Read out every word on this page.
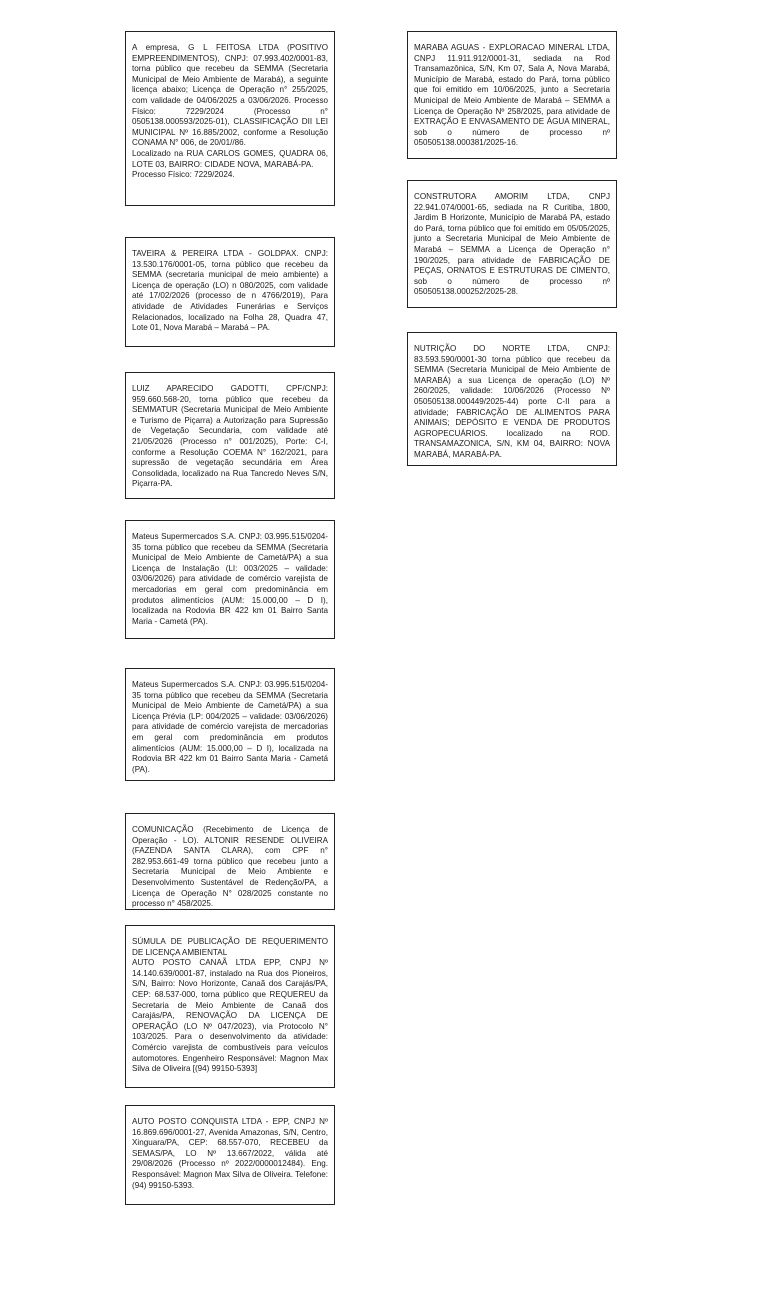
A empresa, G L FEITOSA LTDA (POSITIVO EMPREENDIMENTOS), CNPJ: 07.993.402/0001-83, torna público que recebeu da SEMMA (Secretaria Municipal de Meio Ambiente de Marabá), a seguinte licença abaixo; Licença de Operação n° 255/2025, com validade de 04/06/2025 a 03/06/2026. Processo Físico: 7229/2024 (Processo n° 0505138.000593/2025-01), CLASSIFICAÇÃO DII LEI MUNICIPAL Nº 16.885/2002, conforme a Resolução CONAMA N° 006, de 20/01//86.

Localizado na RUA CARLOS GOMES, QUADRA 06, LOTE 03, BAIRRO: CIDADE NOVA, MARABÁ-PA.

Processo Físico: 7229/2024.

TAVEIRA & PEREIRA LTDA - GOLDPAX. CNPJ: 13.530.176/0001-05, torna público que recebeu da SEMMA (secretaria municipal de meio ambiente) a Licença de operação (LO) n 080/2025, com validade até 17/02/2026 (processo de n 4766/2019), Para atividade de Atividades Funerárias e Serviços Relacionados, localizado na Folha 28, Quadra 47, Lote 01, Nova Marabá – Marabá – PA.

LUIZ APARECIDO GADOTTI, CPF/CNPJ: 959.660.568-20, torna público que recebeu da SEMMATUR (Secretaria Municipal de Meio Ambiente e Turismo de Piçarra) a Autorização para Supressão de Vegetação Secundaria, com validade até 21/05/2026 (Processo n° 001/2025), Porte: C-I, conforme a Resolução COEMA N° 162/2021, para supressão de vegetação secundária em Área Consolidada, localizado na Rua Tancredo Neves S/N, Piçarra-PA.

Mateus Supermercados S.A. CNPJ: 03.995.515/0204-35 torna público que recebeu da SEMMA (Secretaria Municipal de Meio Ambiente de Cametá/PA) a sua Licença de Instalação (LI: 003/2025 – validade: 03/06/2026) para atividade de comércio varejista de mercadorias em geral com predominância em produtos alimentícios (AUM: 15.000,00 – D I), localizada na Rodovia BR 422 km 01 Bairro Santa Maria - Cametá (PA).

Mateus Supermercados S.A. CNPJ: 03.995.515/0204-35 torna público que recebeu da SEMMA (Secretaria Municipal de Meio Ambiente de Cametá/PA) a sua Licença Prévia (LP: 004/2025 – validade: 03/06/2026) para atividade de comércio varejista de mercadorias em geral com predominância em produtos alimentícios (AUM: 15.000,00 – D I), localizada na Rodovia BR 422 km 01 Bairro Santa Maria - Cametá (PA).

COMUNICAÇÃO (Recebimento de Licença de Operação - LO). ALTONIR RESENDE OLIVEIRA (FAZENDA SANTA CLARA), com CPF n° 282.953.661-49 torna público que recebeu junto a Secretaria Municipal de Meio Ambiente e Desenvolvimento Sustentável de Redenção/PA, a Licença de Operação N° 028/2025 constante no processo n° 458/2025.

SÚMULA DE PUBLICAÇÃO DE REQUERIMENTO DE LICENÇA AMBIENTAL

AUTO POSTO CANAÃ LTDA EPP, CNPJ Nº 14.140.639/0001-87, instalado na Rua dos Pioneiros, S/N, Bairro: Novo Horizonte, Canaã dos Carajás/PA, CEP: 68.537-000, torna público que REQUEREU da Secretaria de Meio Ambiente de Canaã dos Carajás/PA, RENOVAÇÃO DA LICENÇA DE OPERAÇÃO (LO Nº 047/2023), via Protocolo N° 103/2025. Para o desenvolvimento da atividade: Comércio varejista de combustíveis para veículos automotores. Engenheiro Responsável: Magnon Max Silva de Oliveira [(94) 99150-5393]

AUTO POSTO CONQUISTA LTDA - EPP, CNPJ Nº 16.869.696/0001-27, Avenida Amazonas, S/N, Centro, Xinguara/PA, CEP: 68.557-070, RECEBEU da SEMAS/PA, LO Nº 13.667/2022, válida até 29/08/2026 (Processo nº 2022/0000012484). Eng. Responsável: Magnon Max Silva de Oliveira. Telefone: (94) 99150-5393.

MARABA AGUAS - EXPLORACAO MINERAL LTDA, CNPJ 11.911.912/0001-31, sediada na Rod Transamazônica, S/N, Km 07, Sala A, Nova Marabá, Município de Marabá, estado do Pará, torna público que foi emitido em 10/06/2025, junto a Secretaria Municipal de Meio Ambiente de Marabá – SEMMA a Licença de Operação Nº 258/2025, para atividade de EXTRAÇÃO E ENVASAMENTO DE ÁGUA MINERAL, sob o número de processo nº 050505138.000381/2025-16.

CONSTRUTORA AMORIM LTDA, CNPJ 22.941.074/0001-65, sediada na R Curitiba, 1800, Jardim B Horizonte, Município de Marabá PA, estado do Pará, torna público que foi emitido em 05/05/2025, junto a Secretaria Municipal de Meio Ambiente de Marabá – SEMMA a Licença de Operação n° 190/2025, para atividade de FABRICAÇÃO DE PEÇAS, ORNATOS E ESTRUTURAS DE CIMENTO, sob o número de processo nº 050505138.000252/2025-28.

NUTRIÇÃO DO NORTE LTDA, CNPJ: 83.593.590/0001-30 torna público que recebeu da SEMMA (Secretaria Municipal de Meio Ambiente de MARABÁ) a sua Licença de operação (LO) Nº 260/2025, validade: 10/06/2026 (Processo Nº 050505138.000449/2025-44) porte C-II para a atividade; FABRICAÇÃO DE ALIMENTOS PARA ANIMAIS; DEPÓSITO E VENDA DE PRODUTOS AGROPECUÁRIOS. localizado na ROD. TRANSAMAZONICA, S/N, KM 04, BAIRRO: NOVA MARABÁ, MARABÁ-PA.
